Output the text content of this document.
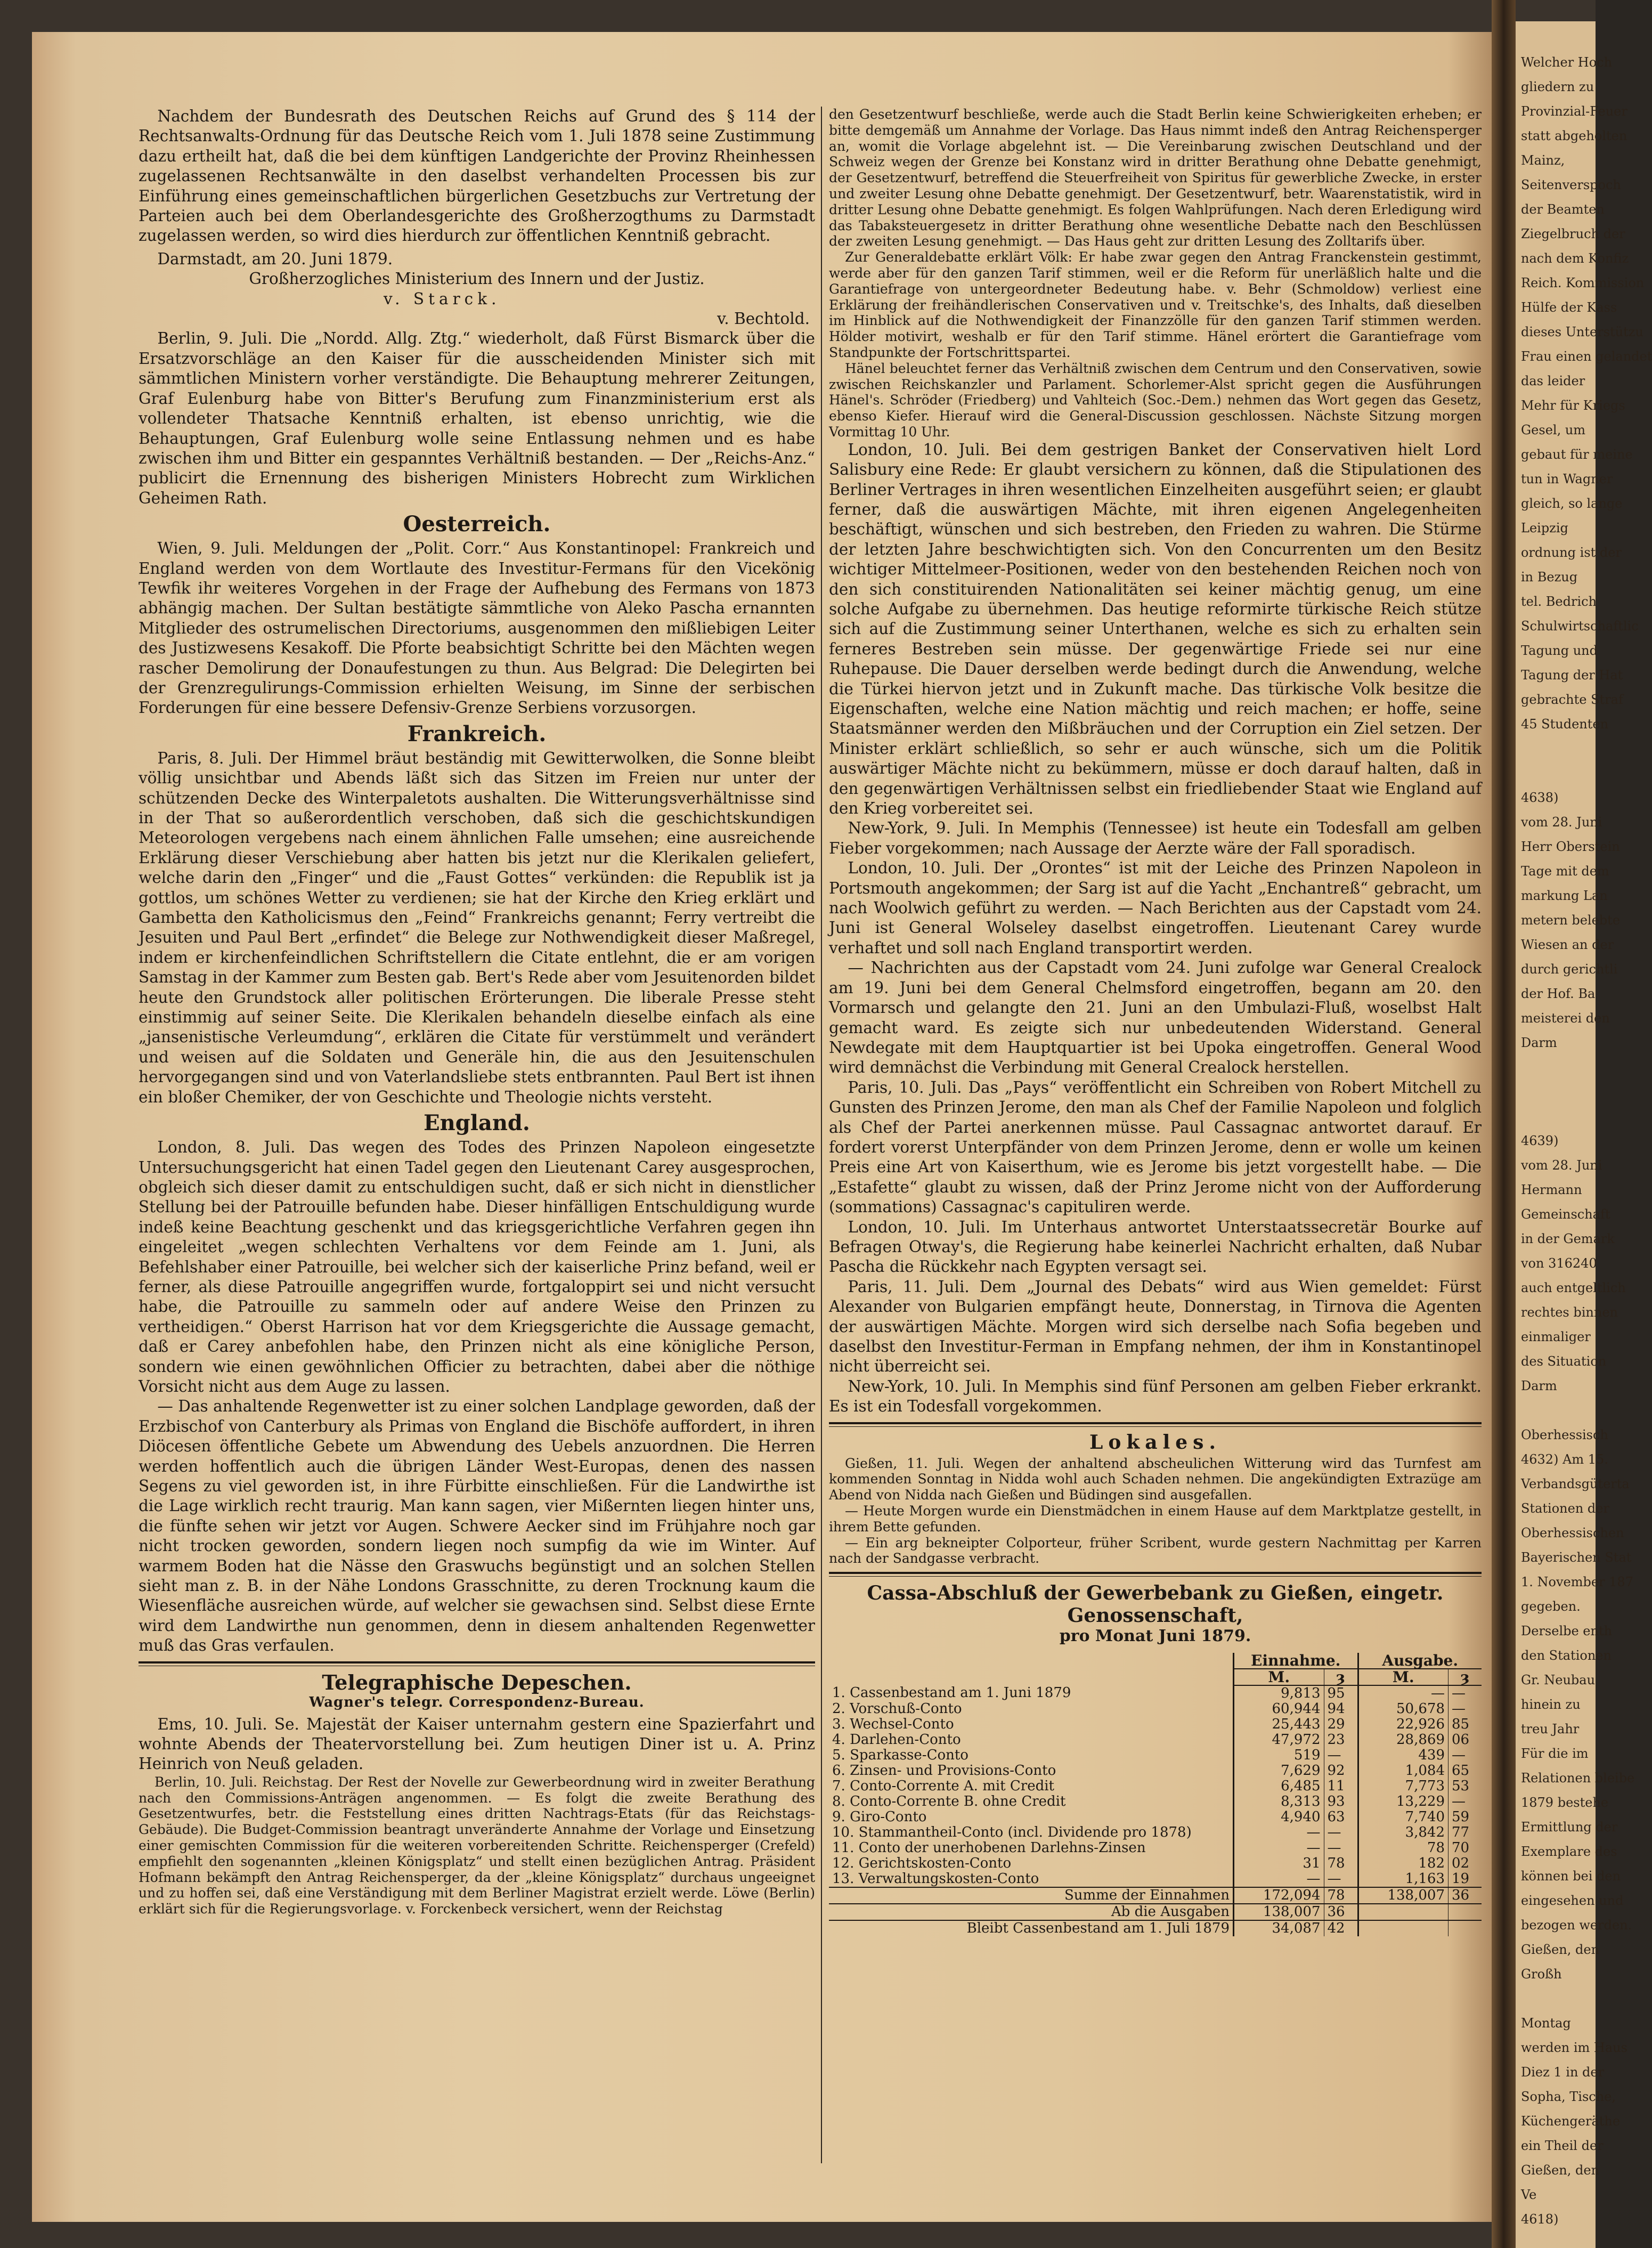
Nachdem der Bundesrath des Deutschen Reichs auf Grund des § 114 der Rechtsanwalts-Ordnung für das Deutsche Reich vom 1. Juli 1878 seine Zustimmung dazu ertheilt hat, daß die bei dem künftigen Landgerichte der Provinz Rheinhessen zugelassenen Rechtsanwälte in den daselbst verhandelten Processen bis zur Einführung eines gemeinschaftlichen bürgerlichen Gesetzbuchs zur Vertretung der Parteien auch bei dem Oberlandesgerichte des Großherzogthums zu Darmstadt zugelassen werden, so wird dies hierdurch zur öffentlichen Kenntniß gebracht.

Darmstadt, am 20. Juni 1879.

Großherzogliches Ministerium des Innern und der Justiz.

v. Starck.

v. Bechtold.

Berlin, 9. Juli. Die „Nordd. Allg. Ztg.“ wiederholt, daß Fürst Bismarck über die Ersatzvorschläge an den Kaiser für die ausscheidenden Minister sich mit sämmtlichen Ministern vorher verständigte. Die Behauptung mehrerer Zeitungen, Graf Eulenburg habe von Bitter's Berufung zum Finanzministerium erst als vollendeter Thatsache Kenntniß erhalten, ist ebenso unrichtig, wie die Behauptungen, Graf Eulenburg wolle seine Entlassung nehmen und es habe zwischen ihm und Bitter ein gespanntes Verhältniß bestanden. — Der „Reichs-Anz.“ publicirt die Ernennung des bisherigen Ministers Hobrecht zum Wirklichen Geheimen Rath.

Oesterreich.

Wien, 9. Juli. Meldungen der „Polit. Corr.“ Aus Konstantinopel: Frankreich und England werden von dem Wortlaute des Investitur-Fermans für den Vicekönig Tewfik ihr weiteres Vorgehen in der Frage der Aufhebung des Fermans von 1873 abhängig machen. Der Sultan bestätigte sämmtliche von Aleko Pascha ernannten Mitglieder des ostrumelischen Directoriums, ausgenommen den mißliebigen Leiter des Justizwesens Kesakoff. Die Pforte beabsichtigt Schritte bei den Mächten wegen rascher Demolirung der Donaufestungen zu thun. Aus Belgrad: Die Delegirten bei der Grenzregulirungs-Commission erhielten Weisung, im Sinne der serbischen Forderungen für eine bessere Defensiv-Grenze Serbiens vorzusorgen.

Frankreich.

Paris, 8. Juli. Der Himmel bräut beständig mit Gewitterwolken, die Sonne bleibt völlig unsichtbar und Abends läßt sich das Sitzen im Freien nur unter der schützenden Decke des Winterpaletots aushalten. Die Witterungsverhältnisse sind in der That so außerordentlich verschoben, daß sich die geschichtskundigen Meteorologen vergebens nach einem ähnlichen Falle umsehen; eine ausreichende Erklärung dieser Verschiebung aber hatten bis jetzt nur die Klerikalen geliefert, welche darin den „Finger“ und die „Faust Gottes“ verkünden: die Republik ist ja gottlos, um schönes Wetter zu verdienen; sie hat der Kirche den Krieg erklärt und Gambetta den Katholicismus den „Feind“ Frankreichs genannt; Ferry vertreibt die Jesuiten und Paul Bert „erfindet“ die Belege zur Nothwendigkeit dieser Maßregel, indem er kirchenfeindlichen Schriftstellern die Citate entlehnt, die er am vorigen Samstag in der Kammer zum Besten gab. Bert's Rede aber vom Jesuitenorden bildet heute den Grundstock aller politischen Erörterungen. Die liberale Presse steht einstimmig auf seiner Seite. Die Klerikalen behandeln dieselbe einfach als eine „jansenistische Verleumdung“, erklären die Citate für verstümmelt und verändert und weisen auf die Soldaten und Generäle hin, die aus den Jesuitenschulen hervorgegangen sind und von Vaterlandsliebe stets entbrannten. Paul Bert ist ihnen ein bloßer Chemiker, der von Geschichte und Theologie nichts versteht.

England.

London, 8. Juli. Das wegen des Todes des Prinzen Napoleon eingesetzte Untersuchungsgericht hat einen Tadel gegen den Lieutenant Carey ausgesprochen, obgleich sich dieser damit zu entschuldigen sucht, daß er sich nicht in dienstlicher Stellung bei der Patrouille befunden habe. Dieser hinfälligen Entschuldigung wurde indeß keine Beachtung geschenkt und das kriegsgerichtliche Verfahren gegen ihn eingeleitet „wegen schlechten Verhaltens vor dem Feinde am 1. Juni, als Befehlshaber einer Patrouille, bei welcher sich der kaiserliche Prinz befand, weil er ferner, als diese Patrouille angegriffen wurde, fortgaloppirt sei und nicht versucht habe, die Patrouille zu sammeln oder auf andere Weise den Prinzen zu vertheidigen.“ Oberst Harrison hat vor dem Kriegsgerichte die Aussage gemacht, daß er Carey anbefohlen habe, den Prinzen nicht als eine königliche Person, sondern wie einen gewöhnlichen Officier zu betrachten, dabei aber die nöthige Vorsicht nicht aus dem Auge zu lassen.

— Das anhaltende Regenwetter ist zu einer solchen Landplage geworden, daß der Erzbischof von Canterbury als Primas von England die Bischöfe auffordert, in ihren Diöcesen öffentliche Gebete um Abwendung des Uebels anzuordnen. Die Herren werden hoffentlich auch die übrigen Länder West-Europas, denen des nassen Segens zu viel geworden ist, in ihre Fürbitte einschließen. Für die Landwirthe ist die Lage wirklich recht traurig. Man kann sagen, vier Mißernten liegen hinter uns, die fünfte sehen wir jetzt vor Augen. Schwere Aecker sind im Frühjahre noch gar nicht trocken geworden, sondern liegen noch sumpfig da wie im Winter. Auf warmem Boden hat die Nässe den Graswuchs begünstigt und an solchen Stellen sieht man z. B. in der Nähe Londons Grasschnitte, zu deren Trocknung kaum die Wiesenfläche ausreichen würde, auf welcher sie gewachsen sind. Selbst diese Ernte wird dem Landwirthe nun genommen, denn in diesem anhaltenden Regenwetter muß das Gras verfaulen.

Telegraphische Depeschen.
Wagner's telegr. Correspondenz-Bureau.

Ems, 10. Juli. Se. Majestät der Kaiser unternahm gestern eine Spazierfahrt und wohnte Abends der Theatervorstellung bei. Zum heutigen Diner ist u. A. Prinz Heinrich von Neuß geladen.

Berlin, 10. Juli. Reichstag. Der Rest der Novelle zur Gewerbeordnung wird in zweiter Berathung nach den Commissions-Anträgen angenommen. — Es folgt die zweite Berathung des Gesetzentwurfes, betr. die Feststellung eines dritten Nachtrags-Etats (für das Reichstags-Gebäude). Die Budget-Commission beantragt unveränderte Annahme der Vorlage und Einsetzung einer gemischten Commission für die weiteren vorbereitenden Schritte. Reichensperger (Crefeld) empfiehlt den sogenannten „kleinen Königsplatz“ und stellt einen bezüglichen Antrag. Präsident Hofmann bekämpft den Antrag Reichensperger, da der „kleine Königsplatz“ durchaus ungeeignet und zu hoffen sei, daß eine Verständigung mit dem Berliner Magistrat erzielt werde. Löwe (Berlin) erklärt sich für die Regierungsvorlage. v. Forckenbeck versichert, wenn der Reichstag

den Gesetzentwurf beschließe, werde auch die Stadt Berlin keine Schwierigkeiten erheben; er bitte demgemäß um Annahme der Vorlage. Das Haus nimmt indeß den Antrag Reichensperger an, womit die Vorlage abgelehnt ist. — Die Vereinbarung zwischen Deutschland und der Schweiz wegen der Grenze bei Konstanz wird in dritter Berathung ohne Debatte genehmigt, der Gesetzentwurf, betreffend die Steuerfreiheit von Spiritus für gewerbliche Zwecke, in erster und zweiter Lesung ohne Debatte genehmigt. Der Gesetzentwurf, betr. Waarenstatistik, wird in dritter Lesung ohne Debatte genehmigt. Es folgen Wahlprüfungen. Nach deren Erledigung wird das Tabaksteuergesetz in dritter Berathung ohne wesentliche Debatte nach den Beschlüssen der zweiten Lesung genehmigt. — Das Haus geht zur dritten Lesung des Zolltarifs über.

Zur Generaldebatte erklärt Völk: Er habe zwar gegen den Antrag Franckenstein gestimmt, werde aber für den ganzen Tarif stimmen, weil er die Reform für unerläßlich halte und die Garantiefrage von untergeordneter Bedeutung habe. v. Behr (Schmoldow) verliest eine Erklärung der freihändlerischen Conservativen und v. Treitschke's, des Inhalts, daß dieselben im Hinblick auf die Nothwendigkeit der Finanzzölle für den ganzen Tarif stimmen werden. Hölder motivirt, weshalb er für den Tarif stimme. Hänel erörtert die Garantiefrage vom Standpunkte der Fortschrittspartei.

Hänel beleuchtet ferner das Verhältniß zwischen dem Centrum und den Conservativen, sowie zwischen Reichskanzler und Parlament. Schorlemer-Alst spricht gegen die Ausführungen Hänel's. Schröder (Friedberg) und Vahlteich (Soc.-Dem.) nehmen das Wort gegen das Gesetz, ebenso Kiefer. Hierauf wird die General-Discussion geschlossen. Nächste Sitzung morgen Vormittag 10 Uhr.

London, 10. Juli. Bei dem gestrigen Banket der Conservativen hielt Lord Salisbury eine Rede: Er glaubt versichern zu können, daß die Stipulationen des Berliner Vertrages in ihren wesentlichen Einzelheiten ausgeführt seien; er glaubt ferner, daß die auswärtigen Mächte, mit ihren eigenen Angelegenheiten beschäftigt, wünschen und sich bestreben, den Frieden zu wahren. Die Stürme der letzten Jahre beschwichtigten sich. Von den Concurrenten um den Besitz wichtiger Mittelmeer-Positionen, weder von den bestehenden Reichen noch von den sich constituirenden Nationalitäten sei keiner mächtig genug, um eine solche Aufgabe zu übernehmen. Das heutige reformirte türkische Reich stütze sich auf die Zustimmung seiner Unterthanen, welche es sich zu erhalten sein ferneres Bestreben sein müsse. Der gegenwärtige Friede sei nur eine Ruhepause. Die Dauer derselben werde bedingt durch die Anwendung, welche die Türkei hiervon jetzt und in Zukunft mache. Das türkische Volk besitze die Eigenschaften, welche eine Nation mächtig und reich machen; er hoffe, seine Staatsmänner werden den Mißbräuchen und der Corruption ein Ziel setzen. Der Minister erklärt schließlich, so sehr er auch wünsche, sich um die Politik auswärtiger Mächte nicht zu bekümmern, müsse er doch darauf halten, daß in den gegenwärtigen Verhältnissen selbst ein friedliebender Staat wie England auf den Krieg vorbereitet sei.

New-York, 9. Juli. In Memphis (Tennessee) ist heute ein Todesfall am gelben Fieber vorgekommen; nach Aussage der Aerzte wäre der Fall sporadisch.

London, 10. Juli. Der „Orontes“ ist mit der Leiche des Prinzen Napoleon in Portsmouth angekommen; der Sarg ist auf die Yacht „Enchantreß“ gebracht, um nach Woolwich geführt zu werden. — Nach Berichten aus der Capstadt vom 24. Juni ist General Wolseley daselbst eingetroffen. Lieutenant Carey wurde verhaftet und soll nach England transportirt werden.

— Nachrichten aus der Capstadt vom 24. Juni zufolge war General Crealock am 19. Juni bei dem General Chelmsford eingetroffen, begann am 20. den Vormarsch und gelangte den 21. Juni an den Umbulazi-Fluß, woselbst Halt gemacht ward. Es zeigte sich nur unbedeutenden Widerstand. General Newdegate mit dem Hauptquartier ist bei Upoka eingetroffen. General Wood wird demnächst die Verbindung mit General Crealock herstellen.

Paris, 10. Juli. Das „Pays“ veröffentlicht ein Schreiben von Robert Mitchell zu Gunsten des Prinzen Jerome, den man als Chef der Familie Napoleon und folglich als Chef der Partei anerkennen müsse. Paul Cassagnac antwortet darauf. Er fordert vorerst Unterpfänder von dem Prinzen Jerome, denn er wolle um keinen Preis eine Art von Kaiserthum, wie es Jerome bis jetzt vorgestellt habe. — Die „Estafette“ glaubt zu wissen, daß der Prinz Jerome nicht von der Aufforderung (sommations) Cassagnac's capituliren werde.

London, 10. Juli. Im Unterhaus antwortet Unterstaatssecretär Bourke auf Befragen Otway's, die Regierung habe keinerlei Nachricht erhalten, daß Nubar Pascha die Rückkehr nach Egypten versagt sei.

Paris, 11. Juli. Dem „Journal des Debats“ wird aus Wien gemeldet: Fürst Alexander von Bulgarien empfängt heute, Donnerstag, in Tirnova die Agenten der auswärtigen Mächte. Morgen wird sich derselbe nach Sofia begeben und daselbst den Investitur-Ferman in Empfang nehmen, der ihm in Konstantinopel nicht überreicht sei.

New-York, 10. Juli. In Memphis sind fünf Personen am gelben Fieber erkrankt. Es ist ein Todesfall vorgekommen.

Lokales.

Gießen, 11. Juli. Wegen der anhaltend abscheulichen Witterung wird das Turnfest am kommenden Sonntag in Nidda wohl auch Schaden nehmen. Die angekündigten Extrazüge am Abend von Nidda nach Gießen und Büdingen sind ausgefallen.

— Heute Morgen wurde ein Dienstmädchen in einem Hause auf dem Marktplatze gestellt, in ihrem Bette gefunden.

— Ein arg bekneipter Colporteur, früher Scribent, wurde gestern Nachmittag per Karren nach der Sandgasse verbracht.

Cassa-Abschluß der Gewerbebank zu Gießen, eingetr. Genossenschaft,
pro Monat Juni 1879.
	Einnahme.		Ausgabe.	
	M.	ȝ	M.	ȝ
1. Cassenbestand am 1. Juni 1879	9,813	95	—	—
2. Vorschuß-Conto	60,944	94	50,678	—
3. Wechsel-Conto	25,443	29	22,926	85
4. Darlehen-Conto	47,972	23	28,869	06
5. Sparkasse-Conto	519	—	439	—
6. Zinsen- und Provisions-Conto	7,629	92	1,084	65
7. Conto-Corrente A. mit Credit	6,485	11	7,773	53
8. Conto-Corrente B. ohne Credit	8,313	93	13,229	—
9. Giro-Conto	4,940	63	7,740	59
10. Stammantheil-Conto (incl. Dividende pro 1878)	—	—	3,842	77
11. Conto der unerhobenen Darlehns-Zinsen	—	—	78	70
12. Gerichtskosten-Conto	31	78	182	02
13. Verwaltungskosten-Conto	—	—	1,163	19
Summe der Einnahmen	172,094	78	138,007	36
Ab die Ausgaben	138,007	36		
Bleibt Cassenbestand am 1. Juli 1879	34,087	42		
Welcher Hoch
gliedern zu
Provinzial-Feuer
statt abgeholten
Mainz,
Seitenverspoch
der Beamten
Ziegelbruch der
nach dem Konfiz
Reich. Kommission
Hülfe der Kass
dieses Unterstützu
Frau einen gelandet
das leider
Mehr für Kriegs
Gesel, um
gebaut für meine
tun in Wagner
gleich, so lange
Leipzig
ordnung ist der
in Bezug
tel. Bedrich
Schulwirtschaftlic
Tagung und
Tagung der Hat
gebrachte Straf
45 Studenten
4638)
vom 28. Juni
Herr Oberstein
Tage mit dem
markung Lan
metern belebte
Wiesen an der
durch gerichtli
der Hof. Ba
meisterei den
Darm
4639)
vom 28. Juni
Hermann
Gemeinschaft
in der Gemark
von 316240
auch entgeltlich
rechtes binnen
einmaliger
des Situation
Darm
Oberhessisch
4632) Am 15.
Verbandsgüterta
Stationen der
Oberhessischen
Bayerischen Stat
1. November 187
gegeben.
Derselbe enth
den Stationen
Gr. Neubau
hinein zu
treu Jahr
Für die im
Relationen bleibe
1879 bestehe
Ermittlung der
Exemplare des
können bei den
eingesehen und
bezogen werden.
Gießen, den
Großh
Montag
werden im Haus
Diez 1 in der
Sopha, Tische,
Küchengeräthe
ein Theil der
Gießen, den
Ve
4618)
